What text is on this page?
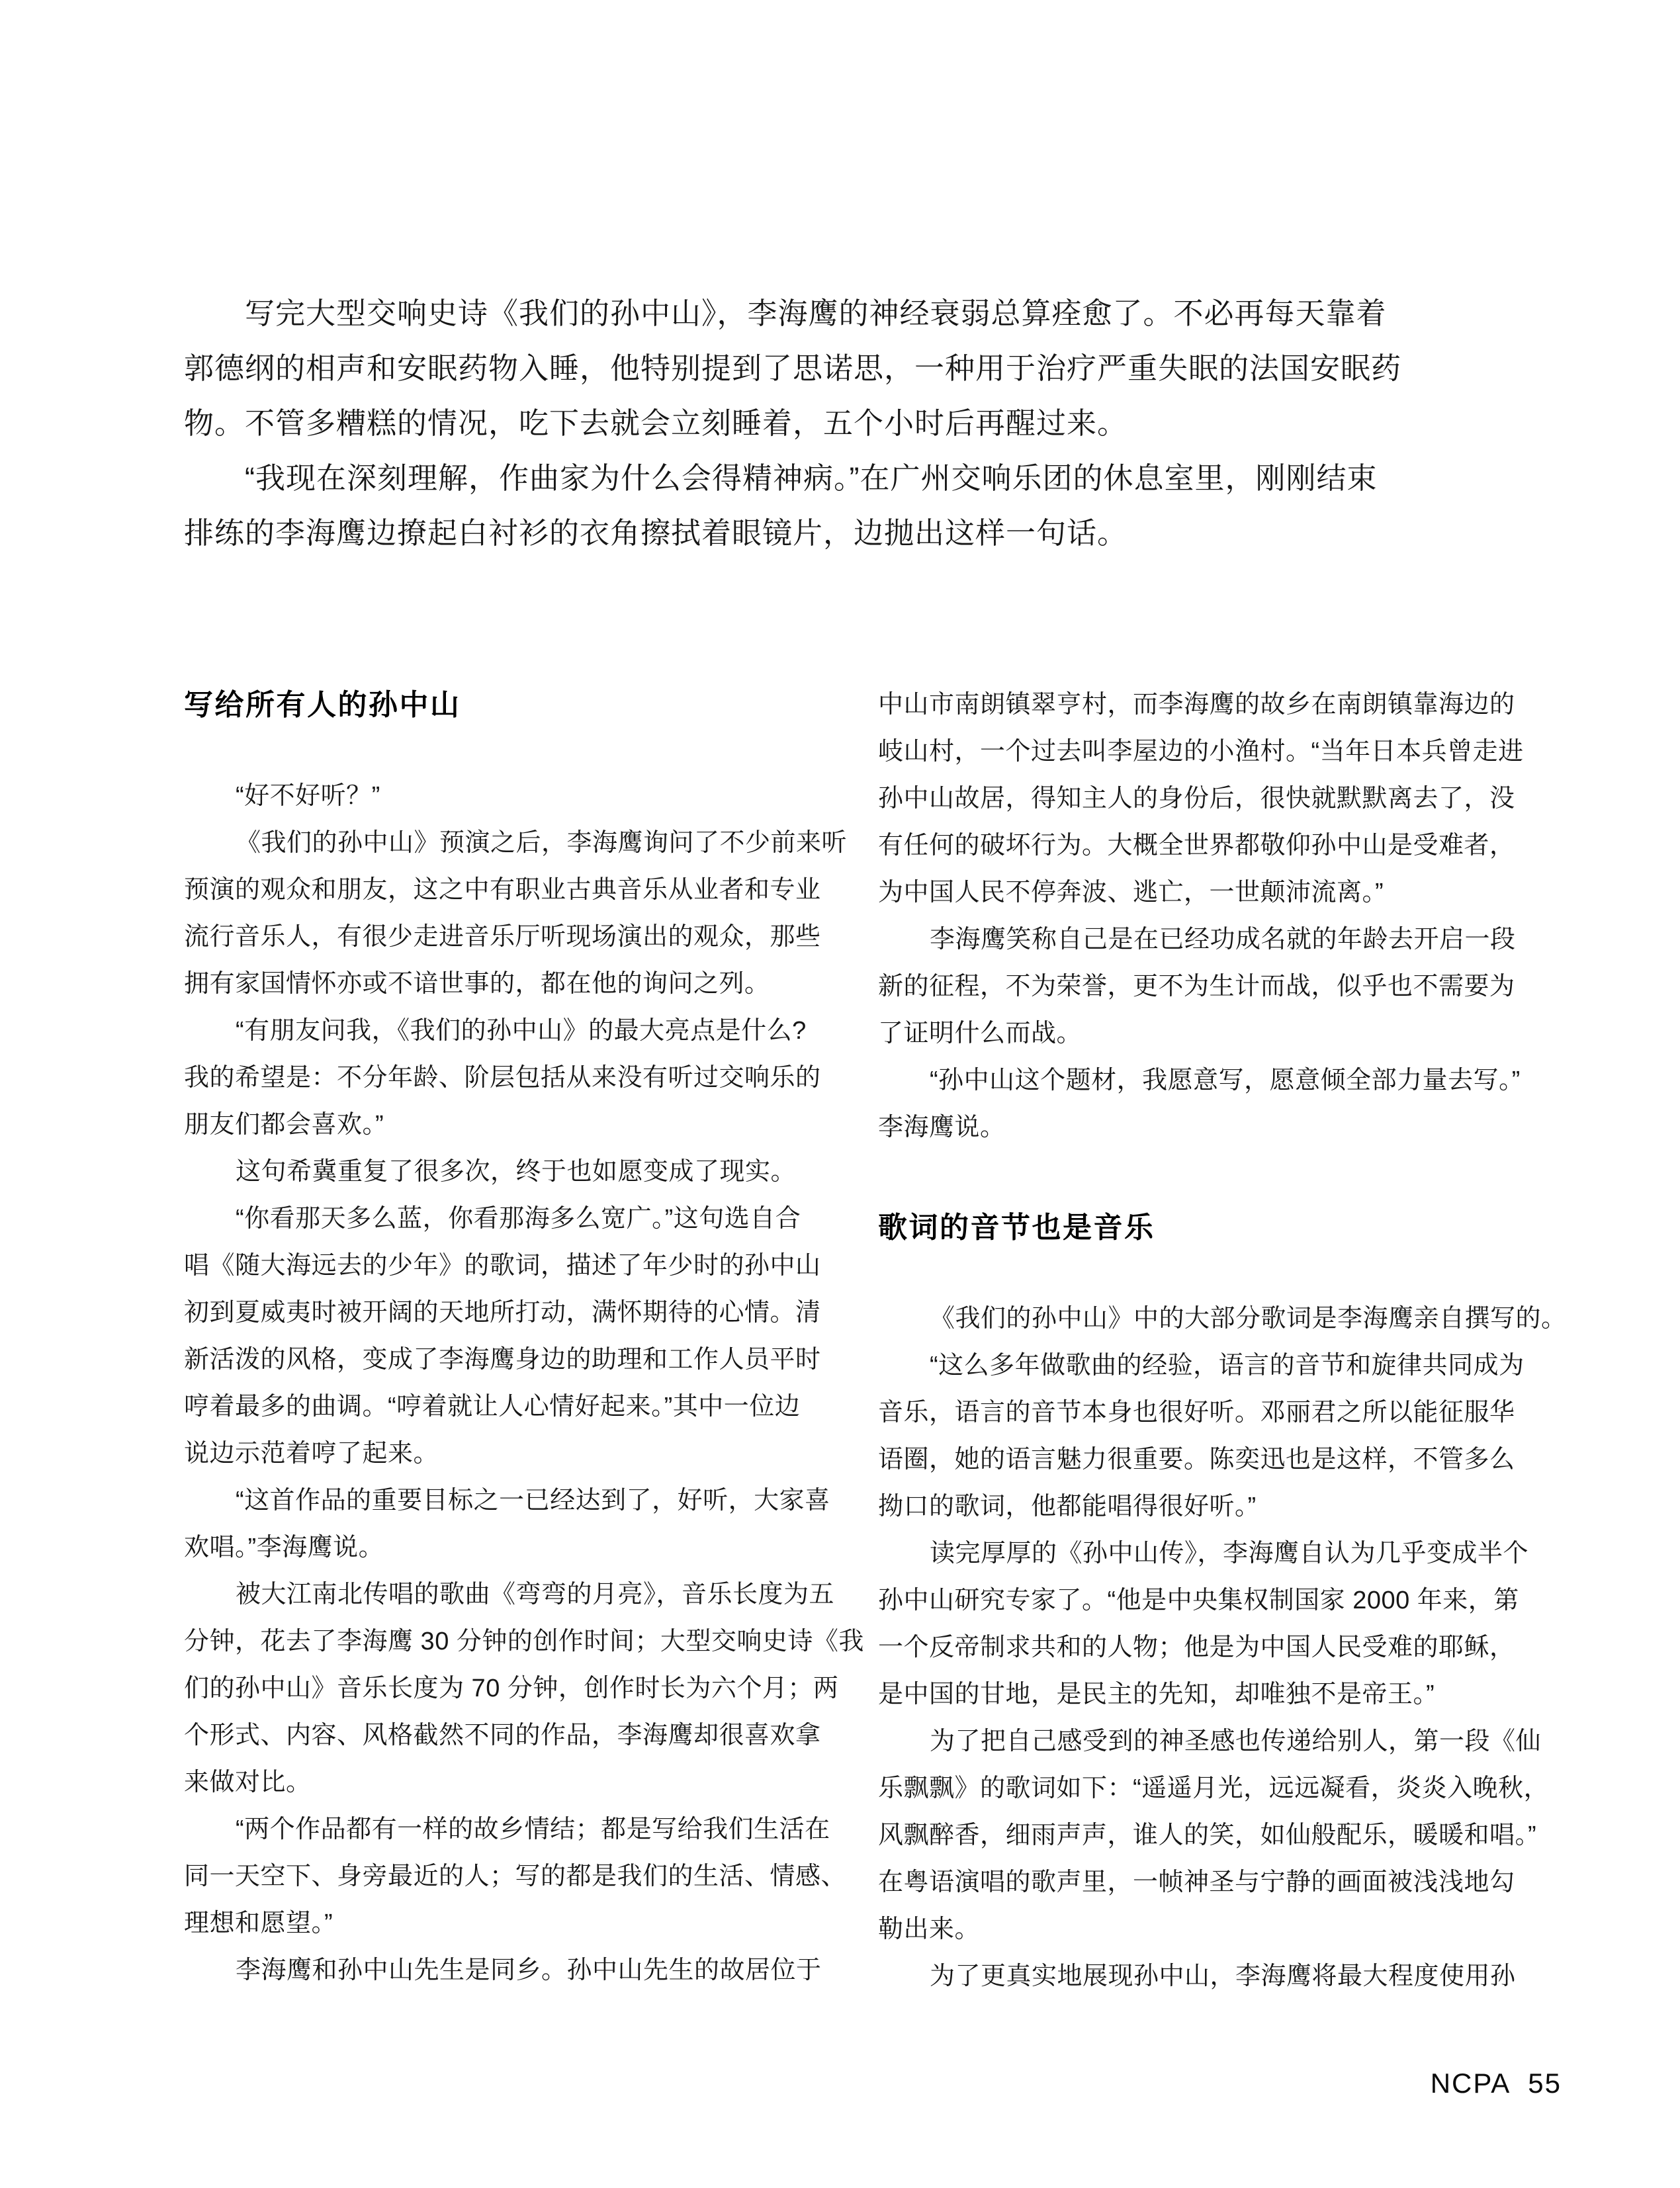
写完大型交响史诗《我们的孙中山》，李海鹰的神经衰弱总算痊愈了。不必再每天靠着
郭德纲的相声和安眠药物入睡，他特别提到了思诺思，一种用于治疗严重失眠的法国安眠药
物。不管多糟糕的情况，吃下去就会立刻睡着，五个小时后再醒过来。
“我现在深刻理解，作曲家为什么会得精神病。”在广州交响乐团的休息室里，刚刚结束
排练的李海鹰边撩起白衬衫的衣角擦拭着眼镜片，边抛出这样一句话。
写给所有人的孙中山
“好不好听？”
《我们的孙中山》预演之后，李海鹰询问了不少前来听
预演的观众和朋友，这之中有职业古典音乐从业者和专业
流行音乐人，有很少走进音乐厅听现场演出的观众，那些
拥有家国情怀亦或不谙世事的，都在他的询问之列。
“有朋友问我，《我们的孙中山》的最大亮点是什么?
我的希望是：不分年龄、阶层包括从来没有听过交响乐的
朋友们都会喜欢。”
这句希冀重复了很多次，终于也如愿变成了现实。
“你看那天多么蓝，你看那海多么宽广。”这句选自合
唱《随大海远去的少年》的歌词，描述了年少时的孙中山
初到夏威夷时被开阔的天地所打动，满怀期待的心情。清
新活泼的风格，变成了李海鹰身边的助理和工作人员平时
哼着最多的曲调。“哼着就让人心情好起来。”其中一位边
说边示范着哼了起来。
“这首作品的重要目标之一已经达到了，好听，大家喜
欢唱。”李海鹰说。
被大江南北传唱的歌曲《弯弯的月亮》，音乐长度为五
分钟，花去了李海鹰 30 分钟的创作时间；大型交响史诗《我
们的孙中山》音乐长度为 70 分钟，创作时长为六个月；两
个形式、内容、风格截然不同的作品，李海鹰却很喜欢拿
来做对比。
“两个作品都有一样的故乡情结；都是写给我们生活在
同一天空下、身旁最近的人；写的都是我们的生活、情感、
理想和愿望。”
李海鹰和孙中山先生是同乡。孙中山先生的故居位于
中山市南朗镇翠亨村，而李海鹰的故乡在南朗镇靠海边的
岐山村，一个过去叫李屋边的小渔村。“当年日本兵曾走进
孙中山故居，得知主人的身份后，很快就默默离去了，没
有任何的破坏行为。大概全世界都敬仰孙中山是受难者，
为中国人民不停奔波、逃亡，一世颠沛流离。”
李海鹰笑称自己是在已经功成名就的年龄去开启一段
新的征程，不为荣誉，更不为生计而战，似乎也不需要为
了证明什么而战。
“孙中山这个题材，我愿意写，愿意倾全部力量去写。”
李海鹰说。
歌词的音节也是音乐
《我们的孙中山》中的大部分歌词是李海鹰亲自撰写的。
“这么多年做歌曲的经验，语言的音节和旋律共同成为
音乐，语言的音节本身也很好听。邓丽君之所以能征服华
语圈，她的语言魅力很重要。陈奕迅也是这样，不管多么
拗口的歌词，他都能唱得很好听。”
读完厚厚的《孙中山传》，李海鹰自认为几乎变成半个
孙中山研究专家了。“他是中央集权制国家 2000 年来，第
一个反帝制求共和的人物；他是为中国人民受难的耶稣，
是中国的甘地，是民主的先知，却唯独不是帝王。”
为了把自己感受到的神圣感也传递给别人，第一段《仙
乐飘飘》的歌词如下：“遥遥月光，远远凝看，炎炎入晚秋，
风飘醉香，细雨声声，谁人的笑，如仙般配乐，暖暖和唱。”
在粤语演唱的歌声里，一帧神圣与宁静的画面被浅浅地勾
勒出来。
为了更真实地展现孙中山，李海鹰将最大程度使用孙
NCPA 55
